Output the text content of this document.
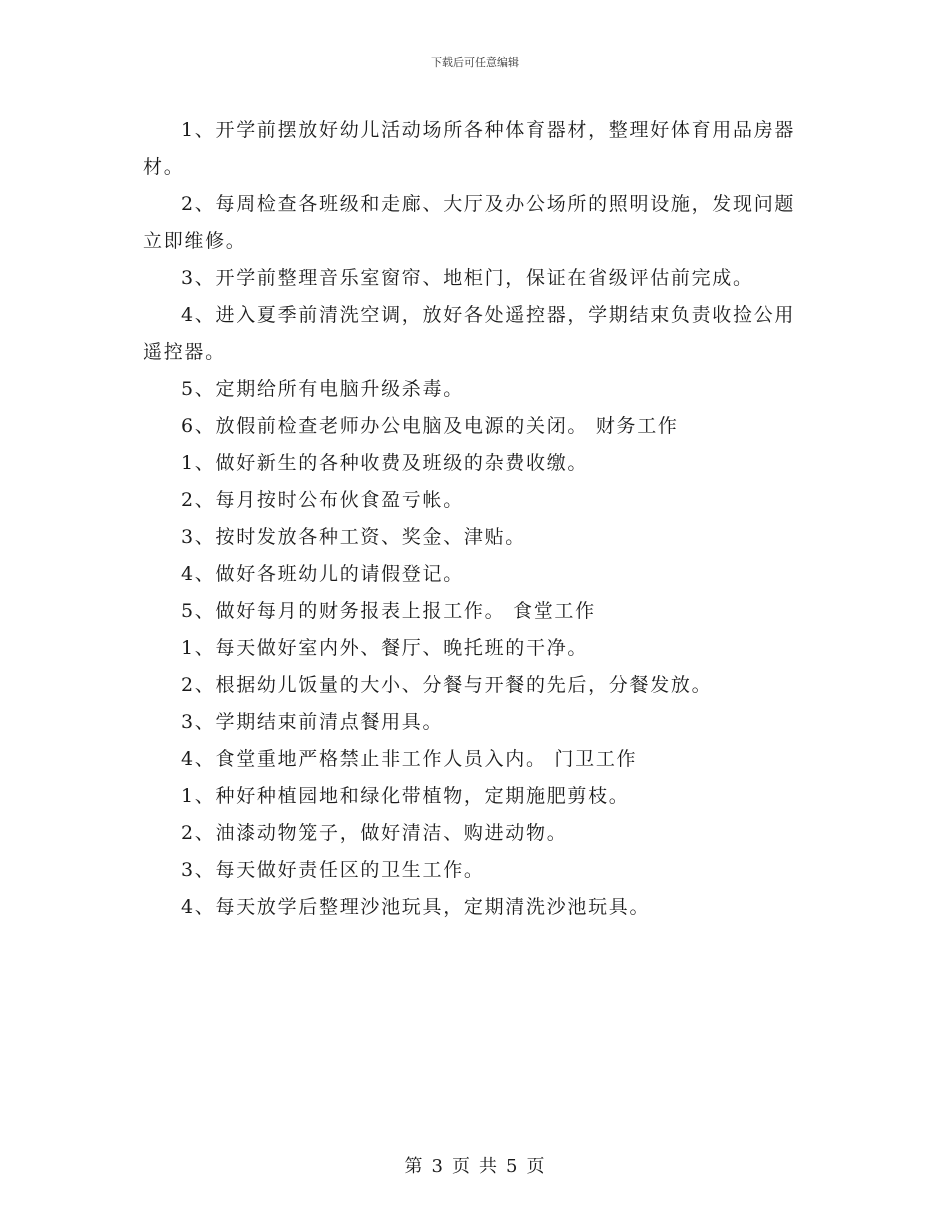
下载后可任意编辑

1、开学前摆放好幼儿活动场所各种体育器材，整理好体育用品房器材。

2、每周检查各班级和走廊、大厅及办公场所的照明设施，发现问题立即维修。

3、开学前整理音乐室窗帘、地柜门，保证在省级评估前完成。

4、进入夏季前清洗空调，放好各处遥控器，学期结束负责收捡公用遥控器。

5、定期给所有电脑升级杀毒。

6、放假前检查老师办公电脑及电源的关闭。 财务工作

1、做好新生的各种收费及班级的杂费收缴。

2、每月按时公布伙食盈亏帐。

3、按时发放各种工资、奖金、津贴。

4、做好各班幼儿的请假登记。

5、做好每月的财务报表上报工作。 食堂工作

1、每天做好室内外、餐厅、晚托班的干净。

2、根据幼儿饭量的大小、分餐与开餐的先后，分餐发放。

3、学期结束前清点餐用具。

4、食堂重地严格禁止非工作人员入内。 门卫工作

1、种好种植园地和绿化带植物，定期施肥剪枝。

2、油漆动物笼子，做好清洁、购进动物。

3、每天做好责任区的卫生工作。

4、每天放学后整理沙池玩具，定期清洗沙池玩具。

第 3 页 共 5 页
